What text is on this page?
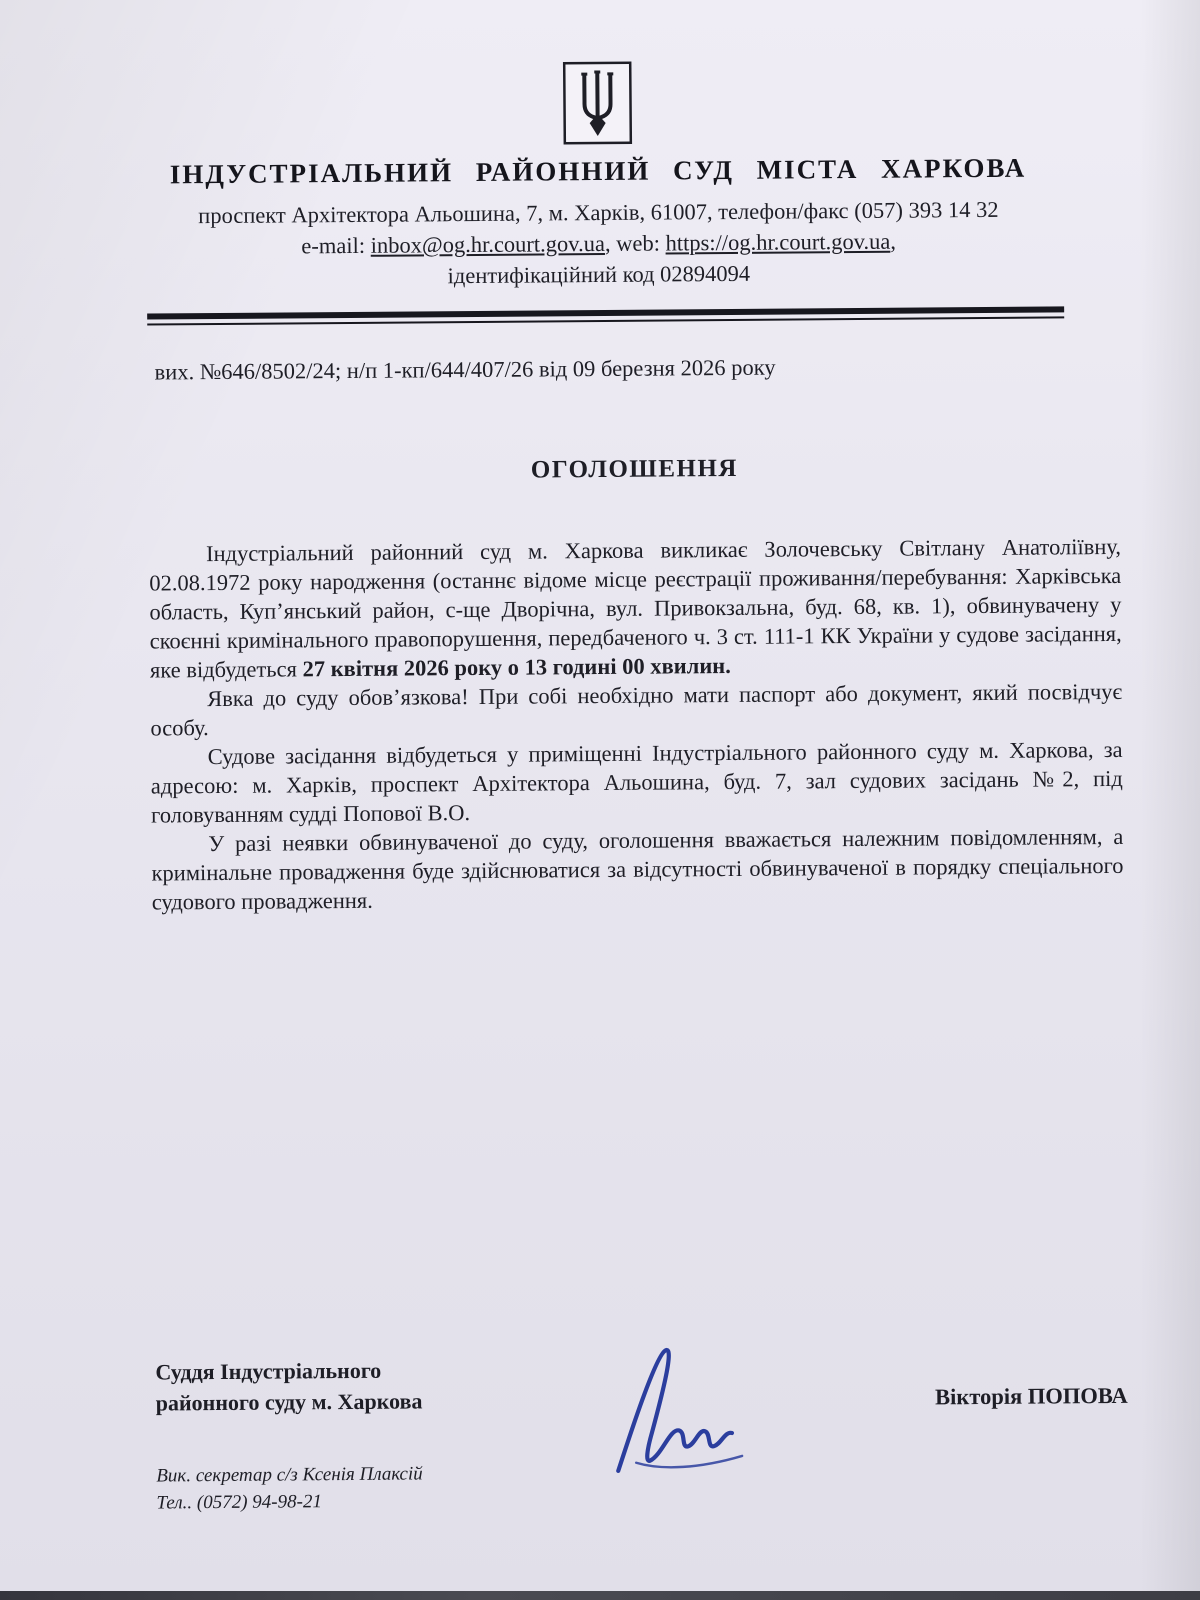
ІНДУСТРІАЛЬНИЙ РАЙОННИЙ СУД МІСТА ХАРКОВА
проспект Архітектора Альошина, 7, м. Харків, 61007, телефон/факс (057) 393 14 32
e-mail: inbox@og.hr.court.gov.ua, web: https://og.hr.court.gov.ua,
ідентифікаційний код 02894094
вих. №646/8502/24; н/п 1-кп/644/407/26 від 09 березня 2026 року
ОГОЛОШЕННЯ

Індустріальний районний суд м. Харкова викликає Золочевську Світлану Анатоліївну, 02.08.1972 року народження (останнє відоме місце реєстрації проживання/перебування: Харківська область, Куп’янський район, с-ще Дворічна, вул. Привокзальна, буд. 68, кв. 1), обвинувачену у скоєнні кримінального правопорушення, передбаченого ч. 3 ст. 111-1 КК України у судове засідання, яке відбудеться 27 квітня 2026 року о 13 годині 00 хвилин.

Явка до суду обов’язкова! При собі необхідно мати паспорт або документ, який посвідчує особу.

Судове засідання відбудеться у приміщенні Індустріального районного суду м. Харкова, за адресою: м. Харків, проспект Архітектора Альошина, буд. 7, зал судових засідань №2, під головуванням судді Попової В.О.

У разі неявки обвинуваченої до суду, оголошення вважається належним повідомленням, а кримінальне провадження буде здійснюватися за відсутності обвинуваченої в порядку спеціального судового провадження.

Суддя Індустріального
районного суду м. Харкова
Вик. секретар с/з Ксенія Плаксій
Тел.. (0572) 94-98-21
Вікторія ПОПОВА
